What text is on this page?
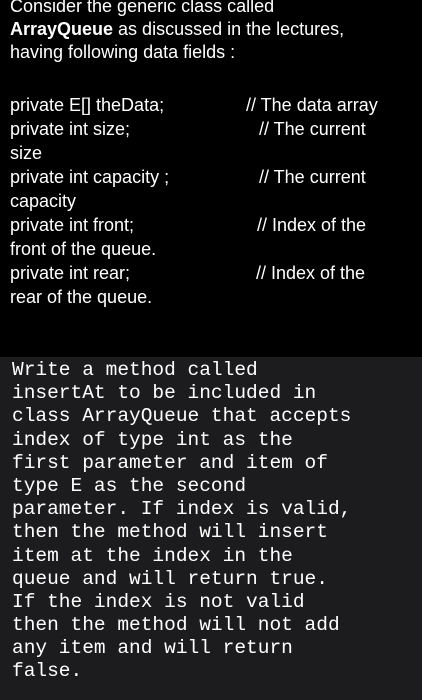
Consider the generic class called
ArrayQueue as discussed in the lectures,
having following data fields :
private E[] theData;	// The data array
private int size;	// The current
size
private int capacity ;	// The current
capacity
private int front;	// Index of the
front of the queue.
private int rear;	// Index of the
rear of the queue.
Write a method called
insertAt to be included in
class ArrayQueue that accepts
index of type int as the
first parameter and item of
type E as the second
parameter. If index is valid,
then the method will insert
item at the index in the
queue and will return true.
If the index is not valid
then the method will not add
any item and will return
false.
